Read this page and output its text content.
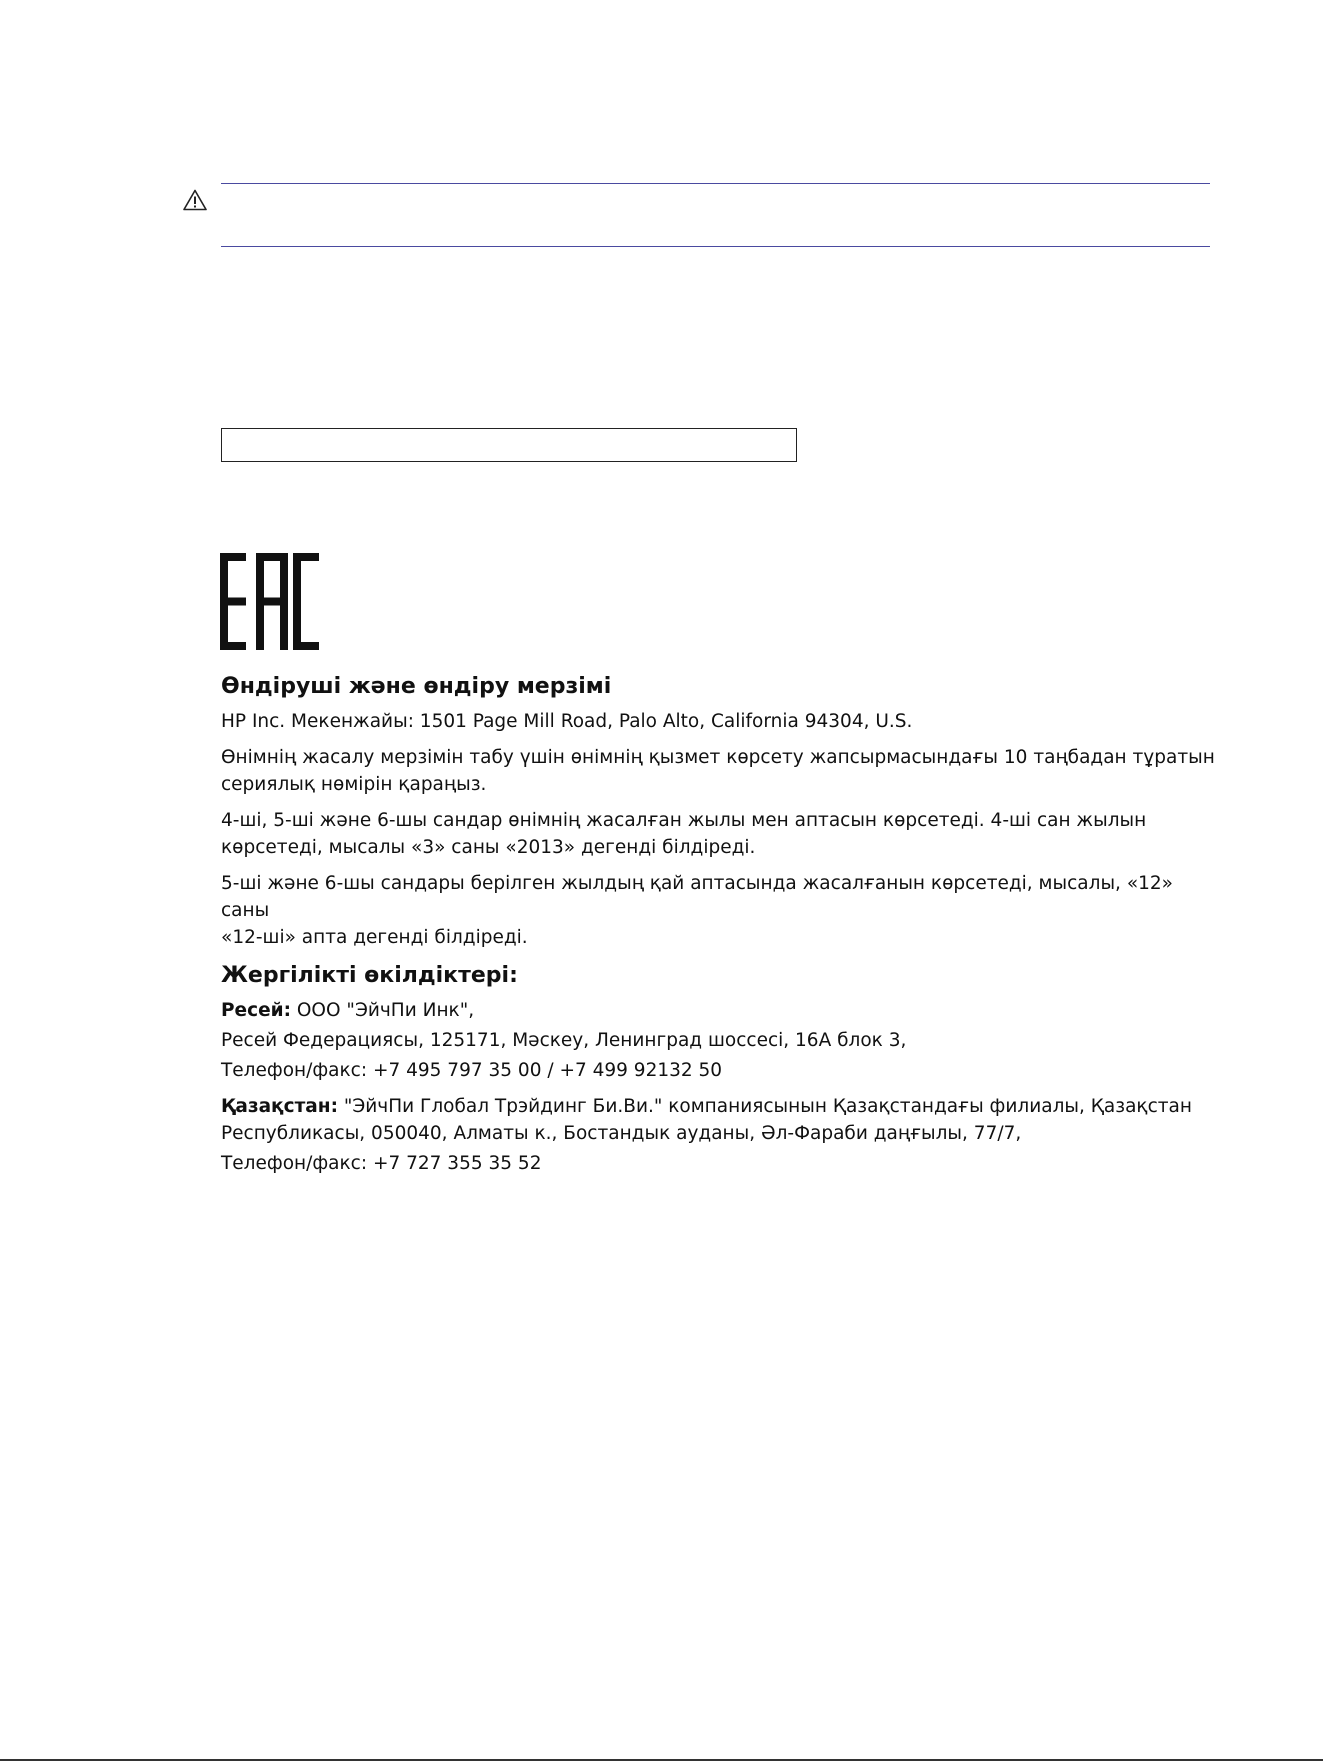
Өндіруші және өндіру мерзімі
HP Inc. Мекенжайы: 1501 Page Mill Road, Palo Alto, California 94304, U.S.
Өнімнің жасалу мерзімін табу үшін өнімнің қызмет көрсету жапсырмасындағы 10 таңбадан тұратын
сериялық нөмірін қараңыз.
4-ші, 5-ші және 6-шы сандар өнімнің жасалған жылы мен аптасын көрсетеді. 4-ші сан жылын
көрсетеді, мысалы «3» саны «2013» дегенді білдіреді.
5-ші және 6-шы сандары берілген жылдың қай аптасында жасалғанын көрсетеді, мысалы, «12» саны
«12-ші» апта дегенді білдіреді.
Жергілікті өкілдіктері:
Ресей: ООО "ЭйчПи Инк",
Ресей Федерациясы, 125171, Мәскеу, Ленинград шоссесі, 16А блок 3,
Телефон/факс: +7 495 797 35 00 / +7 499 92132 50
Қазақстан: "ЭйчПи Глобал Трэйдинг Би.Ви." компаниясынын Қазақстандағы филиалы, Қазақстан
Республикасы, 050040, Алматы к., Бостандык ауданы, Әл-Фараби даңғылы, 77/7,
Телефон/факс: +7 727 355 35 52
